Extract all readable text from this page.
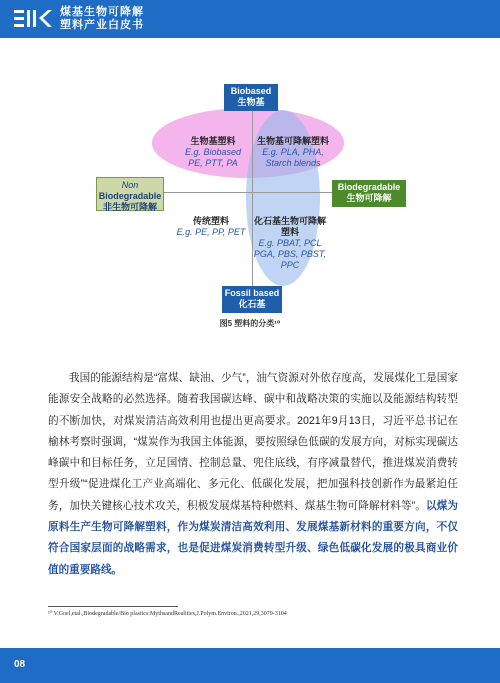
煤基生物可降解
塑料产业白皮书
Biobased
生物基
Fossil based
化石基
Non
Biodegradable
非生物可降解
Biodegradable
生物可降解
生物基塑料
E.g. Biobased
PE, PTT, PA
生物基可降解塑料
E.g. PLA, PHA,
Starch blends
传统塑料
E.g. PE, PP, PET
化石基生物可降解塑料
E.g. PBAT, PCL
PGA, PBS, PBST,
PPC
图5 塑料的分类¹⁰

我国的能源结构是“富煤、缺油、少气”，油气资源对外依存度高，发展煤化工是国家能源安全战略的必然选择。随着我国碳达峰、碳中和战略决策的实施以及能源结构转型的不断加快，对煤炭清洁高效利用也提出更高要求。2021年9月13日，习近平总书记在榆林考察时强调，“煤炭作为我国主体能源，要按照绿色低碳的发展方向，对标实现碳达峰碳中和目标任务，立足国情、控制总量、兜住底线，有序减量替代，推进煤炭消费转型升级”“促进煤化工产业高端化、多元化、低碳化发展，把加强科技创新作为最紧迫任务，加快关键核心技术攻关，积极发展煤基特种燃料、煤基生物可降解材料等”。以煤为原料生产生物可降解塑料，作为煤炭清洁高效利用、发展煤基新材料的重要方向，不仅符合国家层面的战略需求，也是促进煤炭消费转型升级、绿色低碳化发展的极具商业价值的重要路线。

¹⁰ V.Goel,etal.,Biodegradable/Bio plastics:MythsandRealities,J.Polym.Environ.,2021,29,3079-3104
08
